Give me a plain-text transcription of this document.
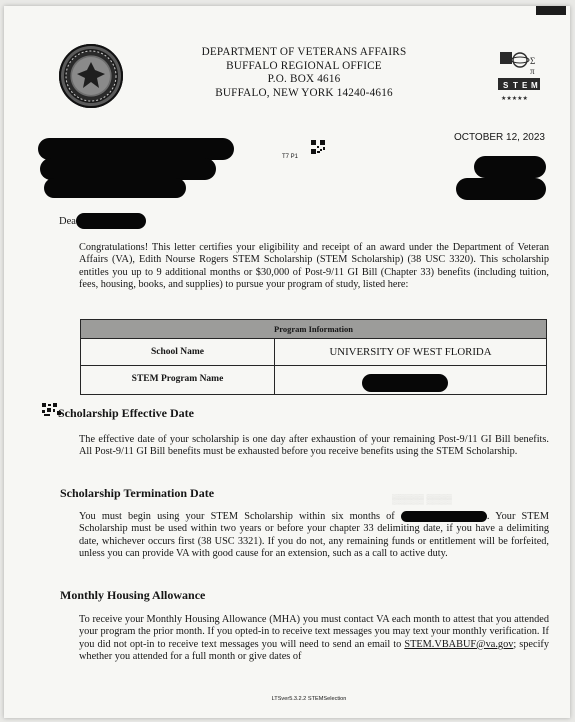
DEPARTMENT OF VETERANS AFFAIRS
BUFFALO REGIONAL OFFICE
P.O. BOX 4616
BUFFALO, NEW YORK 14240-4616
S T E M
Σ
π
★★★★★
OCTOBER 12, 2023
T7 P1
Dea
Congratulations! This letter certifies your eligibility and receipt of an award under the Department of Veteran Affairs (VA), Edith Nourse Rogers STEM Scholarship (STEM Scholarship) (38 USC 3320). This scholarship entitles you up to 9 additional months or $30,000 of Post-9/11 GI Bill (Chapter 33) benefits (including tuition, fees, housing, books, and supplies) to pursue your program of study, listed here:
Program Information
School Name	UNIVERSITY OF WEST FLORIDA
STEM Program Name
Scholarship Effective Date
The effective date of your scholarship is one day after exhaustion of your remaining Post-9/11 GI Bill benefits. All Post-9/11 GI Bill benefits must be exhausted before you receive benefits using the STEM Scholarship.
Scholarship Termination Date
You must begin using your STEM Scholarship within six months of	. Your STEM Scholarship must be used within two years or before your chapter 33 delimiting date, if you have a delimiting date, whichever occurs first (38 USC 3321). If you do not, any remaining funds or entitlement will be forfeited, unless you can provide VA with good cause for an extension, such as a call to active duty.
▒▒▒▒▒ ▒▒▒▒
Monthly Housing Allowance
To receive your Monthly Housing Allowance (MHA) you must contact VA each month to attest that you attended your program the prior month. If you opted-in to receive text messages you may text your monthly verification. If you did not opt-in to receive text messages you will need to send an email to STEM.VBABUF@va.gov; specify whether you attended for a full month or give dates of
LTSver5.3.2.2 STEMSelection
